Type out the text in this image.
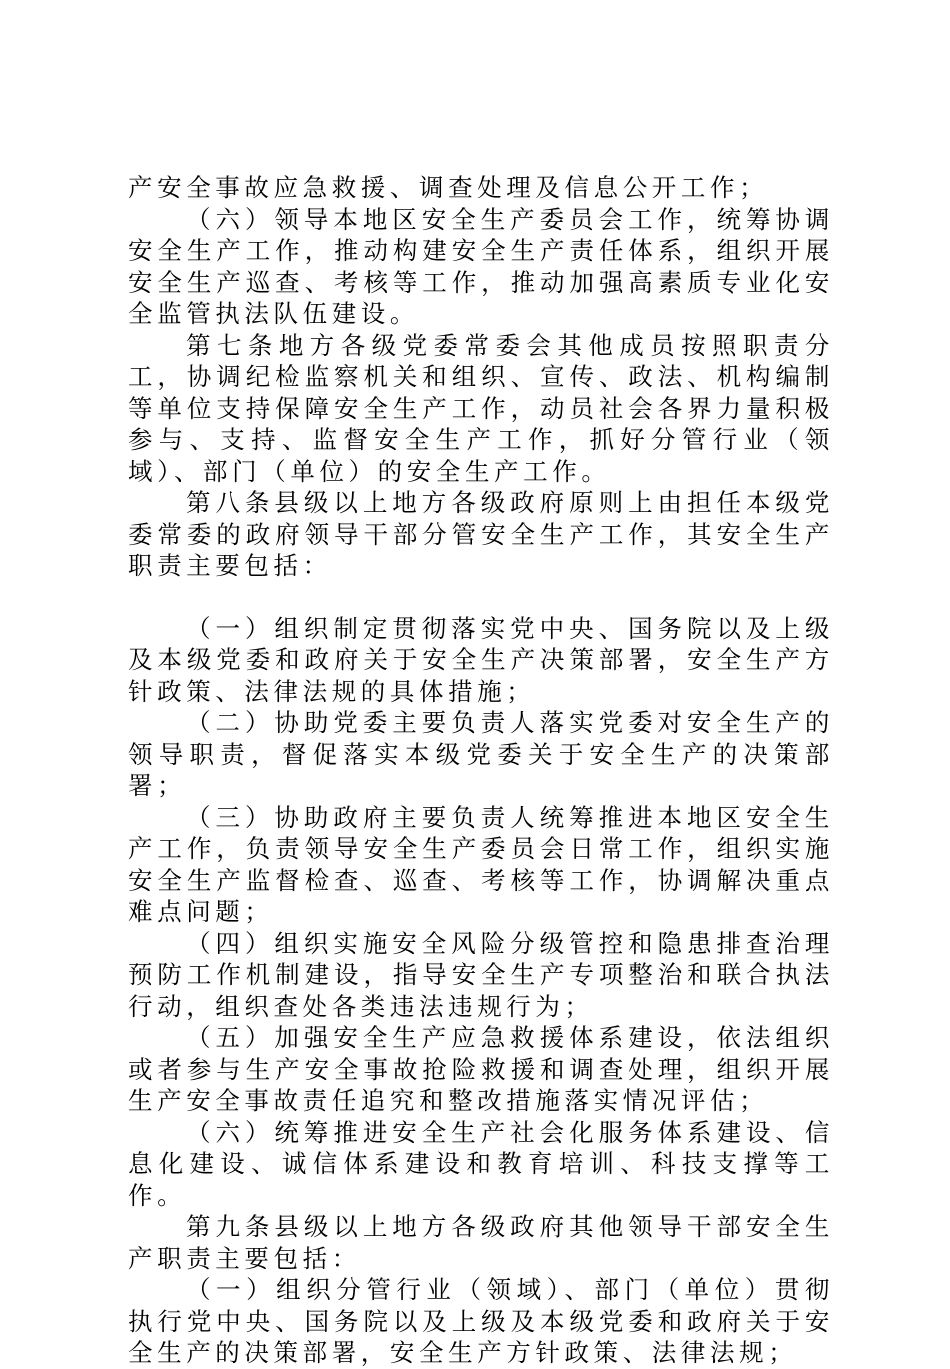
产安全事故应急救援、调查处理及信息公开工作；

（六）领导本地区安全生产委员会工作，统筹协调安全生产工作，推动构建安全生产责任体系，组织开展安全生产巡查、考核等工作，推动加强高素质专业化安全监管执法队伍建设。

第七条地方各级党委常委会其他成员按照职责分工，协调纪检监察机关和组织、宣传、政法、机构编制等单位支持保障安全生产工作，动员社会各界力量积极参与、支持、监督安全生产工作，抓好分管行业（领域）、部门（单位）的安全生产工作。

第八条县级以上地方各级政府原则上由担任本级党委常委的政府领导干部分管安全生产工作，其安全生产职责主要包括：

（一）组织制定贯彻落实党中央、国务院以及上级及本级党委和政府关于安全生产决策部署，安全生产方针政策、法律法规的具体措施；

（二）协助党委主要负责人落实党委对安全生产的领导职责，督促落实本级党委关于安全生产的决策部署；

（三）协助政府主要负责人统筹推进本地区安全生产工作，负责领导安全生产委员会日常工作，组织实施安全生产监督检查、巡查、考核等工作，协调解决重点难点问题；

（四）组织实施安全风险分级管控和隐患排查治理预防工作机制建设，指导安全生产专项整治和联合执法行动，组织查处各类违法违规行为；

（五）加强安全生产应急救援体系建设，依法组织或者参与生产安全事故抢险救援和调查处理，组织开展生产安全事故责任追究和整改措施落实情况评估；

（六）统筹推进安全生产社会化服务体系建设、信息化建设、诚信体系建设和教育培训、科技支撑等工作。

第九条县级以上地方各级政府其他领导干部安全生产职责主要包括：

（一）组织分管行业（领域）、部门（单位）贯彻执行党中央、国务院以及上级及本级党委和政府关于安全生产的决策部署，安全生产方针政策、法律法规；
